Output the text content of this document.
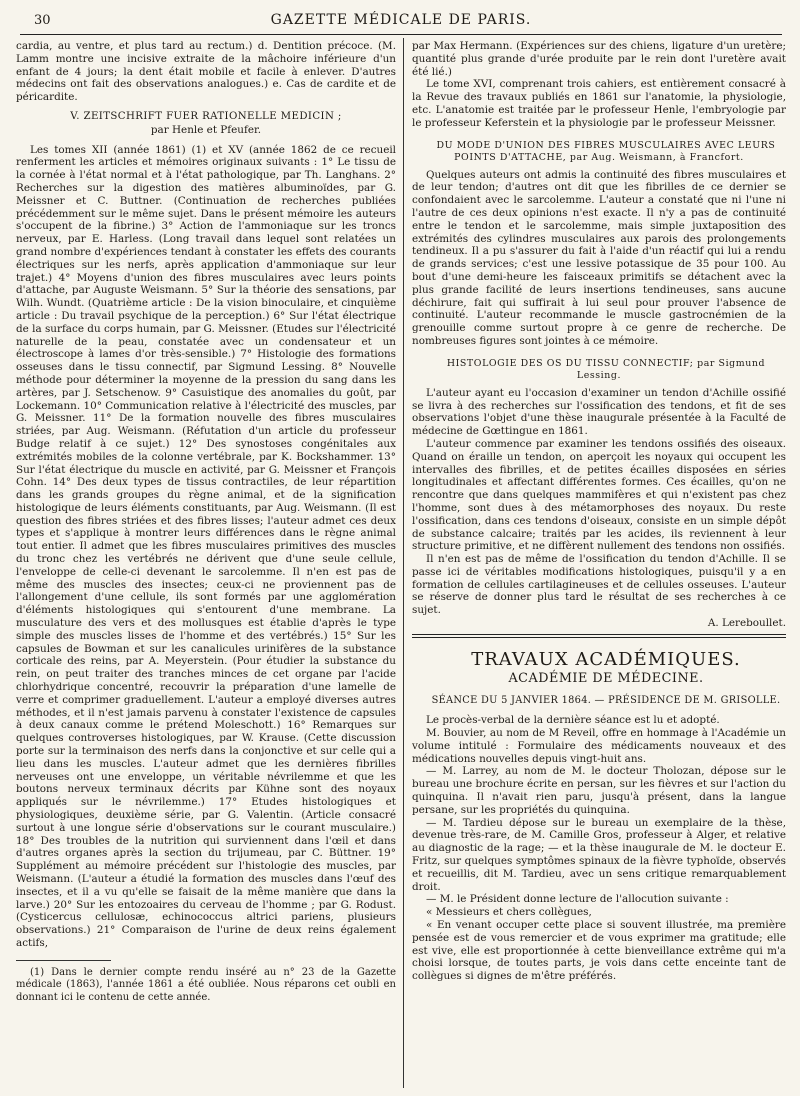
30	GAZETTE MÉDICALE DE PARIS.

cardia, au ventre, et plus tard au rectum.) d. Dentition précoce. (M. Lamm montre une incisive extraite de la mâchoire inférieure d'un enfant de 4 jours; la dent était mobile et facile à enlever. D'autres médecins ont fait des observations analogues.) e. Cas de cardite et de péricardite.

V. ZEITSCHRIFT FUER RATIONELLE MEDICIN ;

par Henle et Pfeufer.

Les tomes XII (année 1861) (1) et XV (année 1862 de ce recueil renferment les articles et mémoires originaux suivants : 1° Le tissu de la cornée à l'état normal et à l'état pathologique, par Th. Langhans. 2° Recherches sur la digestion des matières albuminoïdes, par G. Meissner et C. Buttner. (Continuation de recherches publiées précédemment sur le même sujet. Dans le présent mémoire les auteurs s'occupent de la fibrine.) 3° Action de l'ammoniaque sur les troncs nerveux, par E. Harless. (Long travail dans lequel sont relatées un grand nombre d'expériences tendant à constater les effets des courants électriques sur les nerfs, après application d'ammoniaque sur leur trajet.) 4° Moyens d'union des fibres musculaires avec leurs points d'attache, par Auguste Weismann. 5° Sur la théorie des sensations, par Wilh. Wundt. (Quatrième article : De la vision binoculaire, et cinquième article : Du travail psychique de la perception.) 6° Sur l'état électrique de la surface du corps humain, par G. Meissner. (Etudes sur l'électricité naturelle de la peau, constatée avec un condensateur et un électroscope à lames d'or très-sensible.) 7° Histologie des formations osseuses dans le tissu connectif, par Sigmund Lessing. 8° Nouvelle méthode pour déterminer la moyenne de la pression du sang dans les artères, par J. Setschenow. 9° Casuistique des anomalies du goût, par Lockemann. 10° Communication relative à l'électricité des muscles, par G. Meissner. 11° De la formation nouvelle des fibres musculaires striées, par Aug. Weismann. (Réfutation d'un article du professeur Budge relatif à ce sujet.) 12° Des synostoses congénitales aux extrémités mobiles de la colonne vertébrale, par K. Bockshammer. 13° Sur l'état électrique du muscle en activité, par G. Meissner et François Cohn. 14° Des deux types de tissus contractiles, de leur répartition dans les grands groupes du règne animal, et de la signification histologique de leurs éléments constituants, par Aug. Weismann. (Il est question des fibres striées et des fibres lisses; l'auteur admet ces deux types et s'applique à montrer leurs différences dans le règne animal tout entier. Il admet que les fibres musculaires primitives des muscles du tronc chez les vertébrés ne dérivent que d'une seule cellule, l'enveloppe de celle-ci devenant le sarcolemme. Il n'en est pas de même des muscles des insectes; ceux-ci ne proviennent pas de l'allongement d'une cellule, ils sont formés par une agglomération d'éléments histologiques qui s'entourent d'une membrane. La musculature des vers et des mollusques est établie d'après le type simple des muscles lisses de l'homme et des vertébrés.) 15° Sur les capsules de Bowman et sur les canalicules urinifères de la substance corticale des reins, par A. Meyerstein. (Pour étudier la substance du rein, on peut traiter des tranches minces de cet organe par l'acide chlorhydrique concentré, recouvrir la préparation d'une lamelle de verre et comprimer graduellement. L'auteur a employé diverses autres méthodes, et il n'est jamais parvenu à constater l'existence de capsules à deux canaux comme le prétend Moleschott.) 16° Remarques sur quelques controverses histologiques, par W. Krause. (Cette discussion porte sur la terminaison des nerfs dans la conjonctive et sur celle qui a lieu dans les muscles. L'auteur admet que les dernières fibrilles nerveuses ont une enveloppe, un véritable névrilemme et que les boutons nerveux terminaux décrits par Kühne sont des noyaux appliqués sur le névrilemme.) 17° Etudes histologiques et physiologiques, deuxième série, par G. Valentin. (Article consacré surtout à une longue série d'observations sur le courant musculaire.) 18° Des troubles de la nutrition qui surviennent dans l'œil et dans d'autres organes après la section du trijumeau, par C. Büttner. 19° Supplément au mémoire précédent sur l'histologie des muscles, par Weismann. (L'auteur a étudié la formation des muscles dans l'œuf des insectes, et il a vu qu'elle se faisait de la même manière que dans la larve.) 20° Sur les entozoaires du cerveau de l'homme ; par G. Rodust. (Cysticercus cellulosæ, echinococcus altrici pariens, plusieurs observations.) 21° Comparaison de l'urine de deux reins également actifs,

(1) Dans le dernier compte rendu inséré au n° 23 de la Gazette médicale (1863), l'année 1861 a été oubliée. Nous réparons cet oubli en donnant ici le contenu de cette année.

par Max Hermann. (Expériences sur des chiens, ligature d'un uretère; quantité plus grande d'urée produite par le rein dont l'uretère avait été lié.)

Le tome XVI, comprenant trois cahiers, est entièrement consacré à la Revue des travaux publiés en 1861 sur l'anatomie, la physiologie, etc. L'anatomie est traitée par le professeur Henle, l'embryologie par le professeur Keferstein et la physiologie par le professeur Meissner.

DU MODE D'UNION DES FIBRES MUSCULAIRES AVEC LEURS POINTS D'ATTACHE, par Aug. Weismann, à Francfort.

Quelques auteurs ont admis la continuité des fibres musculaires et de leur tendon; d'autres ont dit que les fibrilles de ce dernier se confondaient avec le sarcolemme. L'auteur a constaté que ni l'une ni l'autre de ces deux opinions n'est exacte. Il n'y a pas de continuité entre le tendon et le sarcolemme, mais simple juxtaposition des extrémités des cylindres musculaires aux parois des prolongements tendineux. Il a pu s'assurer du fait à l'aide d'un réactif qui lui a rendu de grands services; c'est une lessive potassique de 35 pour 100. Au bout d'une demi-heure les faisceaux primitifs se détachent avec la plus grande facilité de leurs insertions tendineuses, sans aucune déchirure, fait qui suffirait à lui seul pour prouver l'absence de continuité. L'auteur recommande le muscle gastrocnémien de la grenouille comme surtout propre à ce genre de recherche. De nombreuses figures sont jointes à ce mémoire.

HISTOLOGIE DES OS DU TISSU CONNECTIF; par Sigmund Lessing.

L'auteur ayant eu l'occasion d'examiner un tendon d'Achille ossifié se livra à des recherches sur l'ossification des tendons, et fit de ses observations l'objet d'une thèse inaugurale présentée à la Faculté de médecine de Gœttingue en 1861.

L'auteur commence par examiner les tendons ossifiés des oiseaux. Quand on éraille un tendon, on aperçoit les noyaux qui occupent les intervalles des fibrilles, et de petites écailles disposées en séries longitudinales et affectant différentes formes. Ces écailles, qu'on ne rencontre que dans quelques mammifères et qui n'existent pas chez l'homme, sont dues à des métamorphoses des noyaux. Du reste l'ossification, dans ces tendons d'oiseaux, consiste en un simple dépôt de substance calcaire; traités par les acides, ils reviennent à leur structure primitive, et ne diffèrent nullement des tendons non ossifiés.

Il n'en est pas de même de l'ossification du tendon d'Achille. Il se passe ici de véritables modifications histologiques, puisqu'il y a en formation de cellules cartilagineuses et de cellules osseuses. L'auteur se réserve de donner plus tard le résultat de ses recherches à ce sujet.

A. Lereboullet.

TRAVAUX ACADÉMIQUES.

ACADÉMIE DE MÉDECINE.

SÉANCE DU 5 JANVIER 1864. — PRÉSIDENCE DE M. GRISOLLE.

Le procès-verbal de la dernière séance est lu et adopté.

M. Bouvier, au nom de M Reveil, offre en hommage à l'Académie un volume intitulé : Formulaire des médicaments nouveaux et des médications nouvelles depuis vingt-huit ans.

— M. Larrey, au nom de M. le docteur Tholozan, dépose sur le bureau une brochure écrite en persan, sur les fièvres et sur l'action du quinquina. Il n'avait rien paru, jusqu'à présent, dans la langue persane, sur les propriétés du quinquina.

— M. Tardieu dépose sur le bureau un exemplaire de la thèse, devenue très-rare, de M. Camille Gros, professeur à Alger, et relative au diagnostic de la rage; — et la thèse inaugurale de M. le docteur E. Fritz, sur quelques symptômes spinaux de la fièvre typhoïde, observés et recueillis, dit M. Tardieu, avec un sens critique remarquablement droit.

— M. le Président donne lecture de l'allocution suivante :

« Messieurs et chers collègues,

« En venant occuper cette place si souvent illustrée, ma première pensée est de vous remercier et de vous exprimer ma gratitude; elle est vive, elle est proportionnée à cette bienveillance extrême qui m'a choisi lorsque, de toutes parts, je vois dans cette enceinte tant de collègues si dignes de m'être préférés.
